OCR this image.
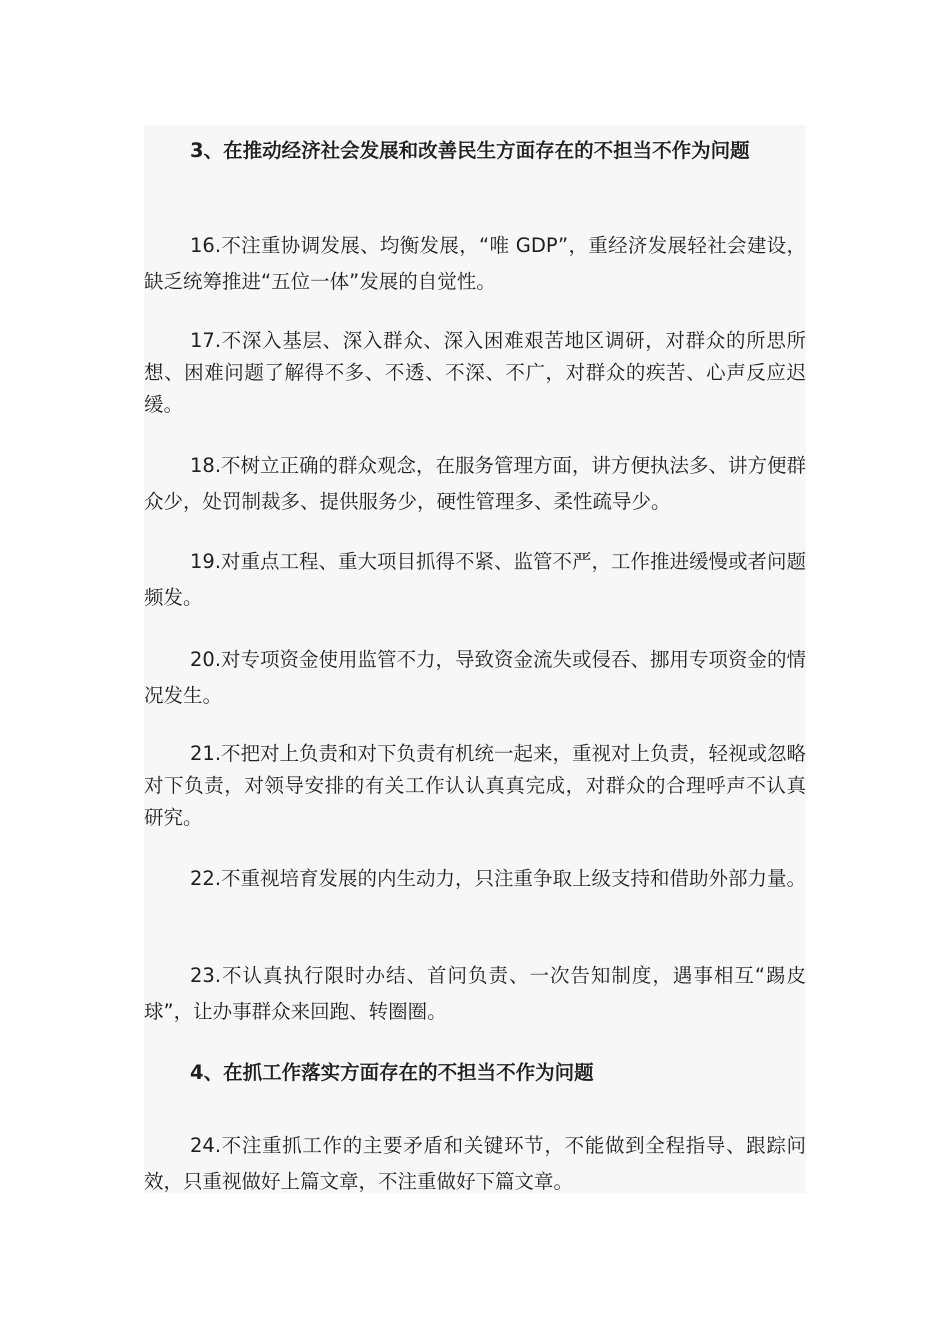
3、在推动经济社会发展和改善民生方面存在的不担当不作为问题

16.不注重协调发展、均衡发展，“唯 GDP”，重经济发展轻社会建设，缺乏统筹推进“五位一体”发展的自觉性。

17.不深入基层、深入群众、深入困难艰苦地区调研，对群众的所思所想、困难问题了解得不多、不透、不深、不广，对群众的疾苦、心声反应迟缓。

18.不树立正确的群众观念，在服务管理方面，讲方便执法多、讲方便群众少，处罚制裁多、提供服务少，硬性管理多、柔性疏导少。

19.对重点工程、重大项目抓得不紧、监管不严，工作推进缓慢或者问题频发。

20.对专项资金使用监管不力，导致资金流失或侵吞、挪用专项资金的情况发生。

21.不把对上负责和对下负责有机统一起来，重视对上负责，轻视或忽略对下负责，对领导安排的有关工作认认真真完成，对群众的合理呼声不认真研究。

22.不重视培育发展的内生动力，只注重争取上级支持和借助外部力量。

23.不认真执行限时办结、首问负责、一次告知制度，遇事相互“踢皮球”，让办事群众来回跑、转圈圈。

4、在抓工作落实方面存在的不担当不作为问题

24.不注重抓工作的主要矛盾和关键环节，不能做到全程指导、跟踪问效，只重视做好上篇文章，不注重做好下篇文章。
